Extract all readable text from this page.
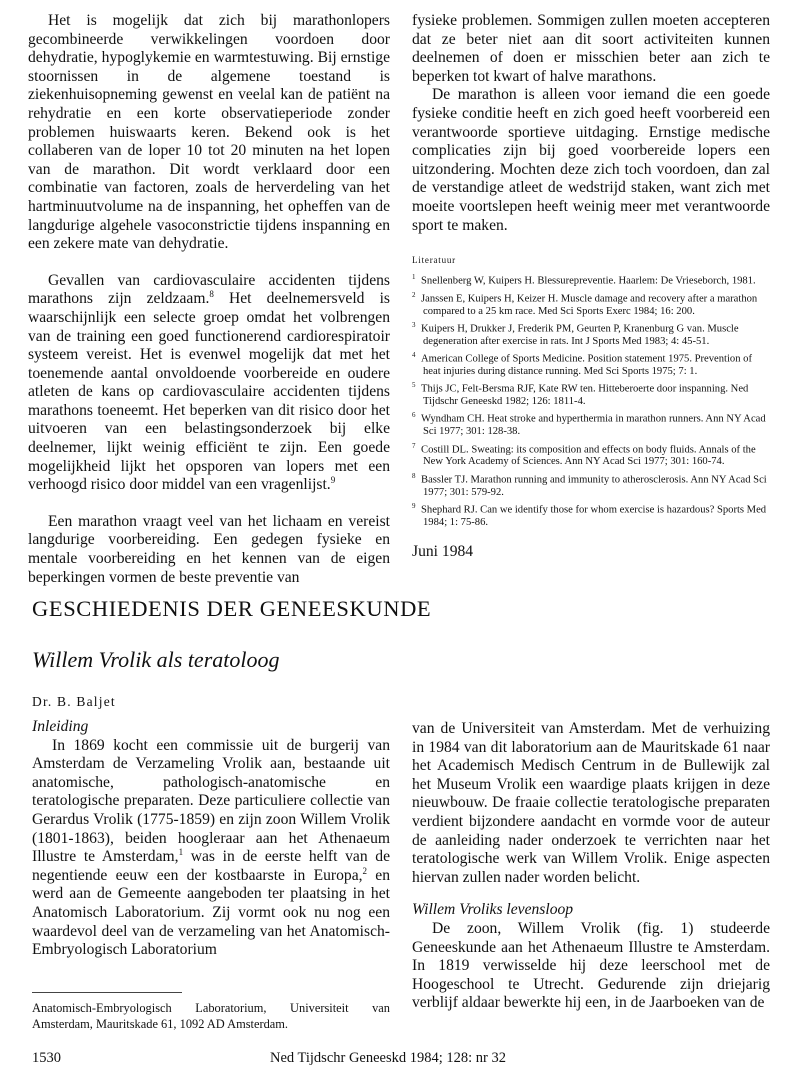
Het is mogelijk dat zich bij marathonlopers gecombineerde verwikkelingen voordoen door dehydratie, hypoglykemie en warmtestuwing. Bij ernstige stoornissen in de algemene toestand is ziekenhuisopneming gewenst en veelal kan de patiënt na rehydratie en een korte observatieperiode zonder problemen huiswaarts keren. Bekend ook is het collaberen van de loper 10 tot 20 minuten na het lopen van de marathon. Dit wordt verklaard door een combinatie van factoren, zoals de herverdeling van het hartminuutvolume na de inspanning, het opheffen van de langdurige algehele vasoconstrictie tijdens inspanning en een zekere mate van dehydratie.

Gevallen van cardiovasculaire accidenten tijdens marathons zijn zeldzaam.$^8$ Het deelnemersveld is waarschijnlijk een selecte groep omdat het volbrengen van de training een goed functionerend cardiorespiratoir systeem vereist. Het is evenwel mogelijk dat met het toenemende aantal onvoldoende voorbereide en oudere atleten de kans op cardiovasculaire accidenten tijdens marathons toeneemt. Het beperken van dit risico door het uitvoeren van een belastingsonderzoek bij elke deelnemer, lijkt weinig efficiënt te zijn. Een goede mogelijkheid lijkt het opsporen van lopers met een verhoogd risico door middel van een vragenlijst.$^9$

Een marathon vraagt veel van het lichaam en vereist langdurige voorbereiding. Een gedegen fysieke en mentale voorbereiding en het kennen van de eigen beperkingen vormen de beste preventie van

fysieke problemen. Sommigen zullen moeten accepteren dat ze beter niet aan dit soort activiteiten kunnen deelnemen of doen er misschien beter aan zich te beperken tot kwart of halve marathons.

De marathon is alleen voor iemand die een goede fysieke conditie heeft en zich goed heeft voorbereid een verantwoorde sportieve uitdaging. Ernstige medische complicaties zijn bij goed voorbereide lopers een uitzondering. Mochten deze zich toch voordoen, dan zal de verstandige atleet de wedstrijd staken, want zich met moeite voortslepen heeft weinig meer met verantwoorde sport te maken.

Literatuur
$^1$ Snellenberg W, Kuipers H. Blessurepreventie. Haarlem: De Vrieseborch, 1981.
$^2$ Janssen E, Kuipers H, Keizer H. Muscle damage and recovery after a marathon compared to a 25 km race. Med Sci Sports Exerc 1984; 16: 200.
$^3$ Kuipers H, Drukker J, Frederik PM, Geurten P, Kranenburg G van. Muscle degeneration after exercise in rats. Int J Sports Med 1983; 4: 45-51.
$^4$ American College of Sports Medicine. Position statement 1975. Prevention of heat injuries during distance running. Med Sci Sports 1975; 7: 1.
$^5$ Thijs JC, Felt-Bersma RJF, Kate RW ten. Hitteberoerte door inspanning. Ned Tijdschr Geneeskd 1982; 126: 1811-4.
$^6$ Wyndham CH. Heat stroke and hyperthermia in marathon runners. Ann NY Acad Sci 1977; 301: 128-38.
$^7$ Costill DL. Sweating: its composition and effects on body fluids. Annals of the New York Academy of Sciences. Ann NY Acad Sci 1977; 301: 160-74.
$^8$ Bassler TJ. Marathon running and immunity to atherosclerosis. Ann NY Acad Sci 1977; 301: 579-92.
$^9$ Shephard RJ. Can we identify those for whom exercise is hazardous? Sports Med 1984; 1: 75-86.
Juni 1984
GESCHIEDENIS DER GENEESKUNDE
Willem Vrolik als teratoloog
Dr. B. Baljet
Inleiding

In 1869 kocht een commissie uit de burgerij van Amsterdam de Verzameling Vrolik aan, bestaande uit anatomische, pathologisch-anatomische en teratologische preparaten. Deze particuliere collectie van Gerardus Vrolik (1775-1859) en zijn zoon Willem Vrolik (1801-1863), beiden hoogleraar aan het Athenaeum Illustre te Amsterdam,$^1$ was in de eerste helft van de negentiende eeuw een der kostbaarste in Europa,$^2$ en werd aan de Gemeente aangeboden ter plaatsing in het Anatomisch Laboratorium. Zij vormt ook nu nog een waardevol deel van de verzameling van het Anatomisch-Embryologisch Laboratorium

van de Universiteit van Amsterdam. Met de verhuizing in 1984 van dit laboratorium aan de Mauritskade 61 naar het Academisch Medisch Centrum in de Bullewijk zal het Museum Vrolik een waardige plaats krijgen in deze nieuwbouw. De fraaie collectie teratologische preparaten verdient bijzondere aandacht en vormde voor de auteur de aanleiding nader onderzoek te verrichten naar het teratologische werk van Willem Vrolik. Enige aspecten hiervan zullen nader worden belicht.

Willem Vroliks levensloop

De zoon, Willem Vrolik (fig. 1) studeerde Geneeskunde aan het Athenaeum Illustre te Amsterdam. In 1819 verwisselde hij deze leerschool met de Hoogeschool te Utrecht. Gedurende zijn driejarig verblijf aldaar bewerkte hij een, in de Jaarboeken van de

Anatomisch-Embryologisch Laboratorium, Universiteit van Amsterdam, Mauritskade 61, 1092 AD Amsterdam.
1530	Ned Tijdschr Geneeskd 1984; 128: nr 32
